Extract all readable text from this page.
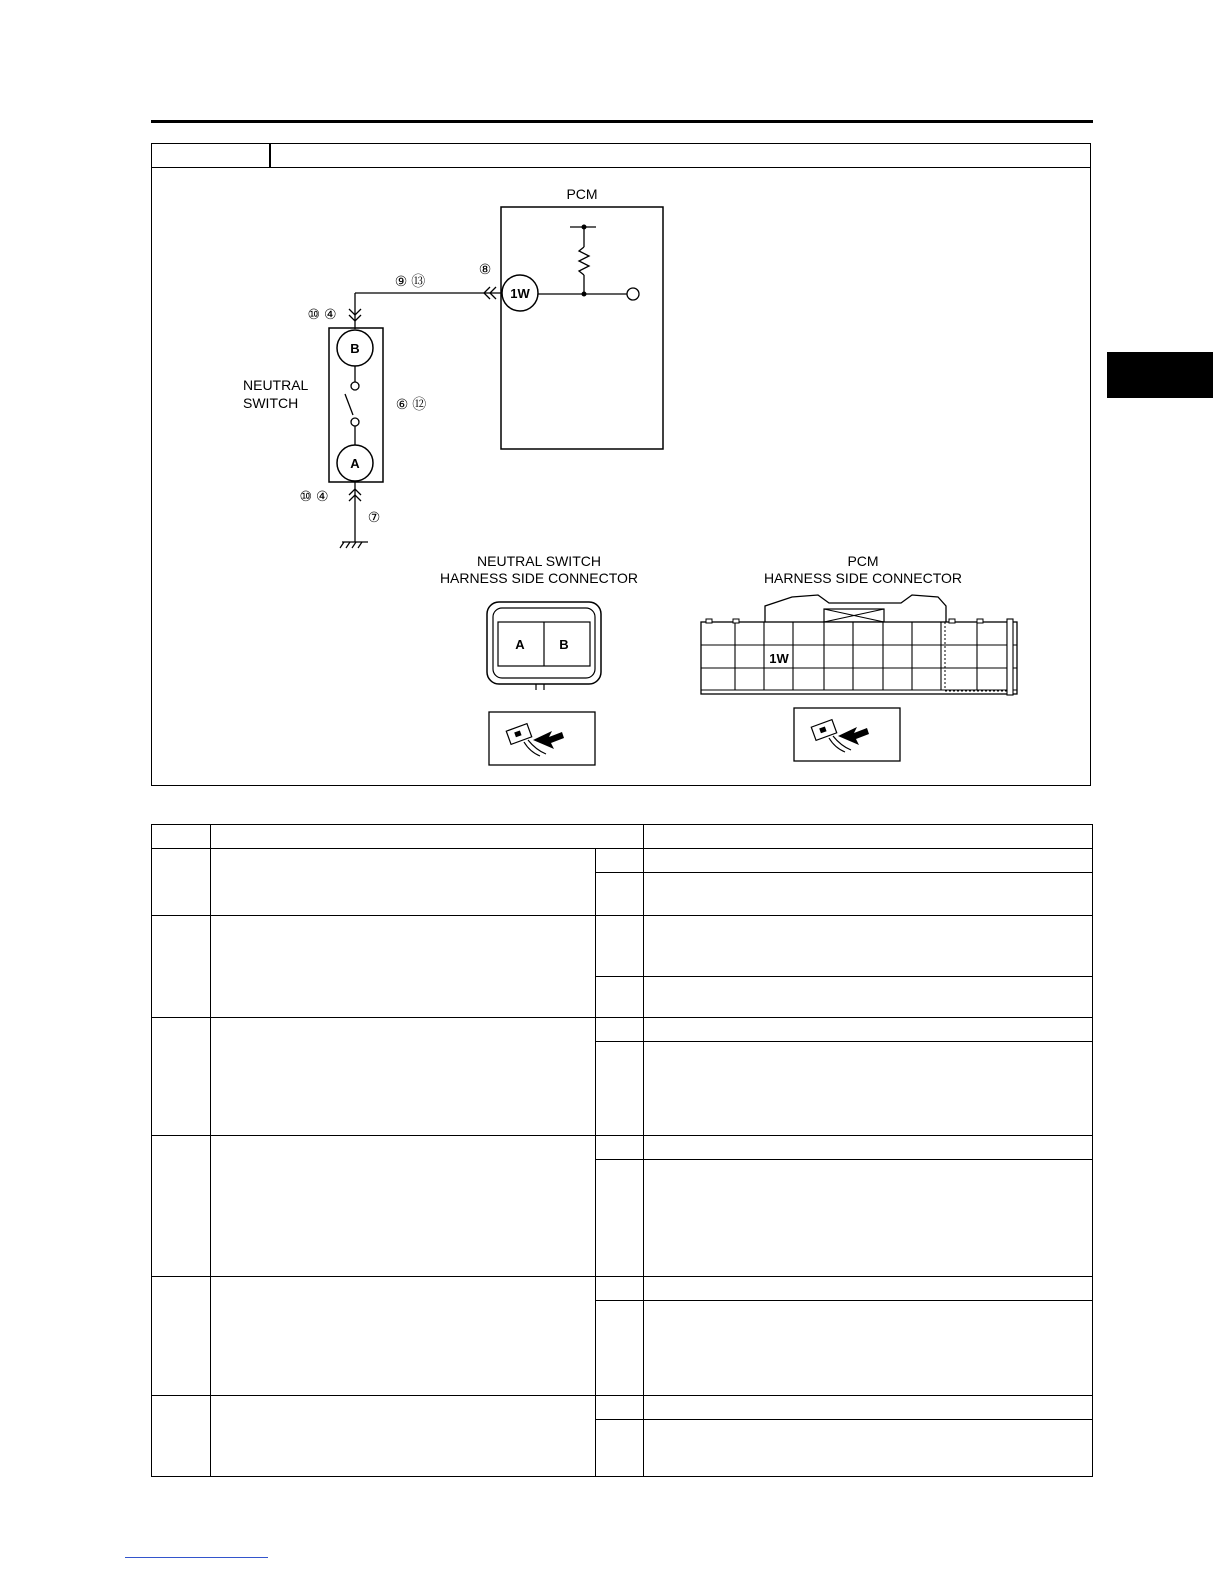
PCM
1W
⑨ ⑬
⑧
⑩ ④
B
A
NEUTRAL
SWITCH	⑥ ⑫
⑩ ④
⑦
NEUTRAL SWITCH
HARNESS SIDE CONNECTOR
A	B
PCM
HARNESS SIDE CONNECTOR
1W
